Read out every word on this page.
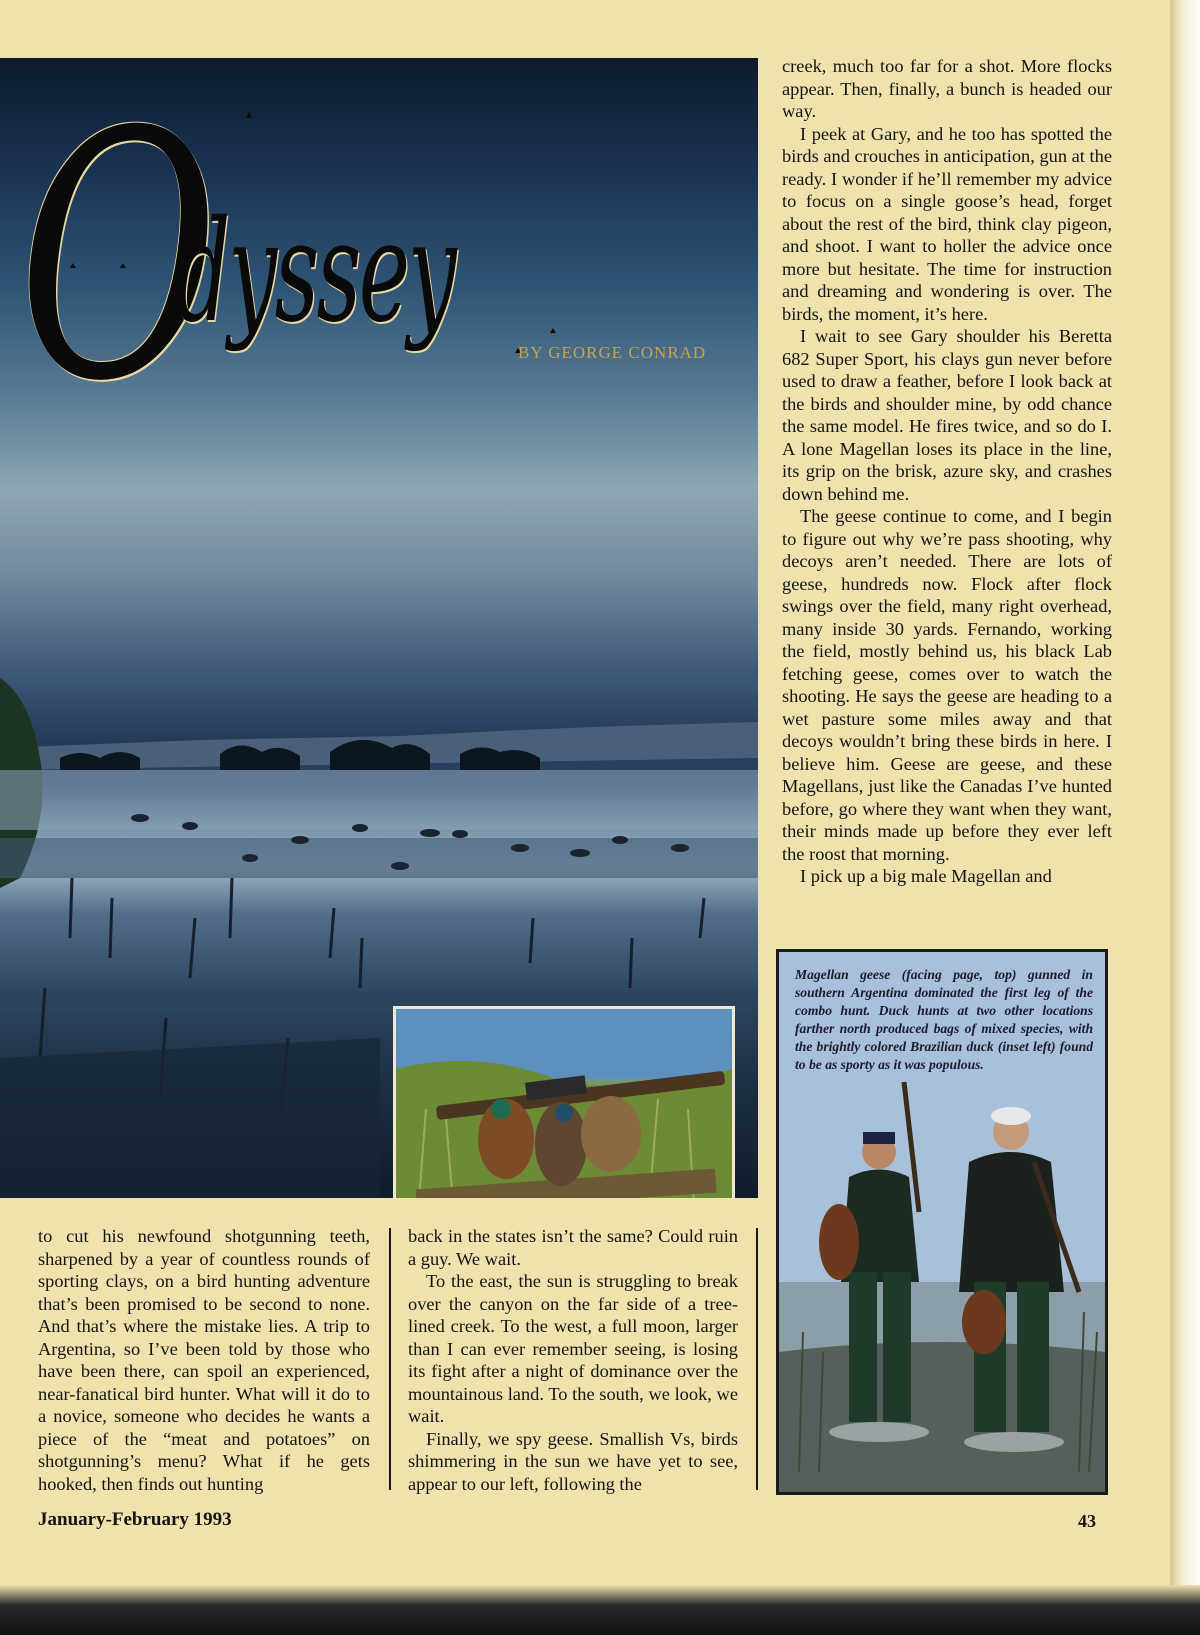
O
dyssey	BY GEORGE CONRAD

creek, much too far for a shot. More flocks appear. Then, finally, a bunch is headed our way.

I peek at Gary, and he too has spotted the birds and crouches in anticipation, gun at the ready. I wonder if he’ll remember my advice to focus on a single goose’s head, forget about the rest of the bird, think clay pigeon, and shoot. I want to holler the advice once more but hesitate. The time for instruction and dreaming and wondering is over. The birds, the moment, it’s here.

I wait to see Gary shoulder his Beretta 682 Super Sport, his clays gun never before used to draw a feather, before I look back at the birds and shoulder mine, by odd chance the same model. He fires twice, and so do I. A lone Magellan loses its place in the line, its grip on the brisk, azure sky, and crashes down behind me.

The geese continue to come, and I begin to figure out why we’re pass shooting, why decoys aren’t needed. There are lots of geese, hundreds now. Flock after flock swings over the field, many right overhead, many inside 30 yards. Fernando, working the field, mostly behind us, his black Lab fetching geese, comes over to watch the shooting. He says the geese are heading to a wet pasture some miles away and that decoys wouldn’t bring these birds in here. I believe him. Geese are geese, and these Magellans, just like the Canadas I’ve hunted before, go where they want when they want, their minds made up before they ever left the roost that morning.

I pick up a big male Magellan and

Magellan geese (facing page, top) gunned in southern Argentina dominated the first leg of the combo hunt. Duck hunts at two other locations farther north produced bags of mixed species, with the brightly colored Brazilian duck (inset left) found to be as sporty as it was populous.

to cut his newfound shotgunning teeth, sharpened by a year of countless rounds of sporting clays, on a bird hunting adventure that’s been promised to be second to none. And that’s where the mistake lies. A trip to Argentina, so I’ve been told by those who have been there, can spoil an experienced, near-fanatical bird hunter. What will it do to a novice, someone who decides he wants a piece of the “meat and potatoes” on shotgunning’s menu? What if he gets hooked, then finds out hunting

back in the states isn’t the same? Could ruin a guy. We wait.

To the east, the sun is struggling to break over the canyon on the far side of a tree-lined creek. To the west, a full moon, larger than I can ever remember seeing, is losing its fight after a night of dominance over the mountainous land. To the south, we look, we wait.

Finally, we spy geese. Smallish Vs, birds shimmering in the sun we have yet to see, appear to our left, following the

January-February 1993	43
